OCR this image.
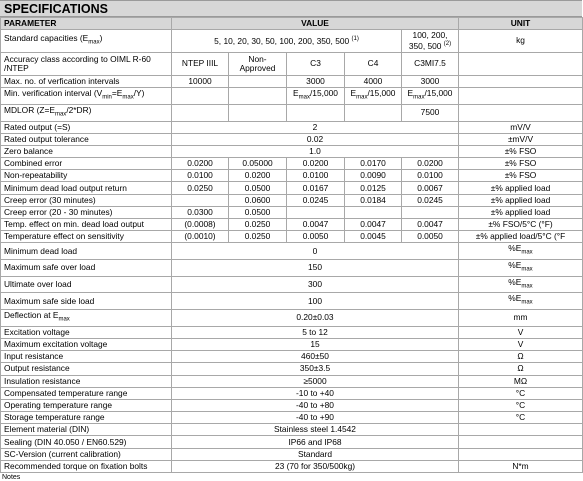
SPECIFICATIONS
PARAMETER	VALUE					UNIT
Standard capacities $(E_{max})$	5, 10, 20, 30, 50, 100, 200, 350, 500 $^{(1)}$				100, 200, 350, 500 $^{(2)}$	kg
Accuracy class according to OIML R-60 /NTEP	NTEP IIIL	Non-Approved	C3	C4	C3MI7.5	
Max. no. of verfication intervals	10000		3000	4000	3000	
Min. verification interval $(V_{min}=E_{max}/Y)$			$E_{max}/15,000$	$E_{max}/15,000$	$E_{max}/15,000$	
MDLOR $(Z=E_{max}/2*DR)$					7500	
Rated output (=S)	2					mV/V
Rated output tolerance	0.02					±mV/V
Zero balance	1.0					±% FSO
Combined error	0.0200	0.05000	0.0200	0.0170	0.0200	±% FSO
Non-repeatability	0.0100	0.0200	0.0100	0.0090	0.0100	±% FSO
Minimum dead load output return	0.0250	0.0500	0.0167	0.0125	0.0067	±% applied load
Creep error (30 minutes)		0.0600	0.0245	0.0184	0.0245	±% applied load
Creep error (20 - 30 minutes)	0.0300	0.0500				±% applied load
Temp. effect on min. dead load output	(0.0008)	0.0250	0.0047	0.0047	0.0047	±% FSO/5°C (°F)
Temperature effect on sensitivity	(0.0010)	0.0250	0.0050	0.0045	0.0050	±% applied load/5°C (°F
Minimum dead load	0					$\%E_{max}$
Maximum safe over load	150					$\%E_{max}$
Ultimate over load	300					$\%E_{max}$
Maximum safe side load	100					$\%E_{max}$
Deflection at $E_{max}$	0.20±0.03					mm
Excitation voltage	5 to 12					V
Maximum excitation voltage	15					V
Input resistance	460±50					Ω
Output resistance	350±3.5					Ω
Insulation resistance	≥5000					MΩ
Compensated temperature range	-10 to +40					°C
Operating temperature range	-40 to +80					°C
Storage temperature range	-40 to +90					°C
Element material (DIN)	Stainless steel 1.4542					
Sealing (DIN 40.050 / EN60.529)	IP66 and IP68					
SC-Version (current calibration)	Standard					
Recommended torque on fixation bolts	23 (70 for 350/500kg)					N*m
Notes
